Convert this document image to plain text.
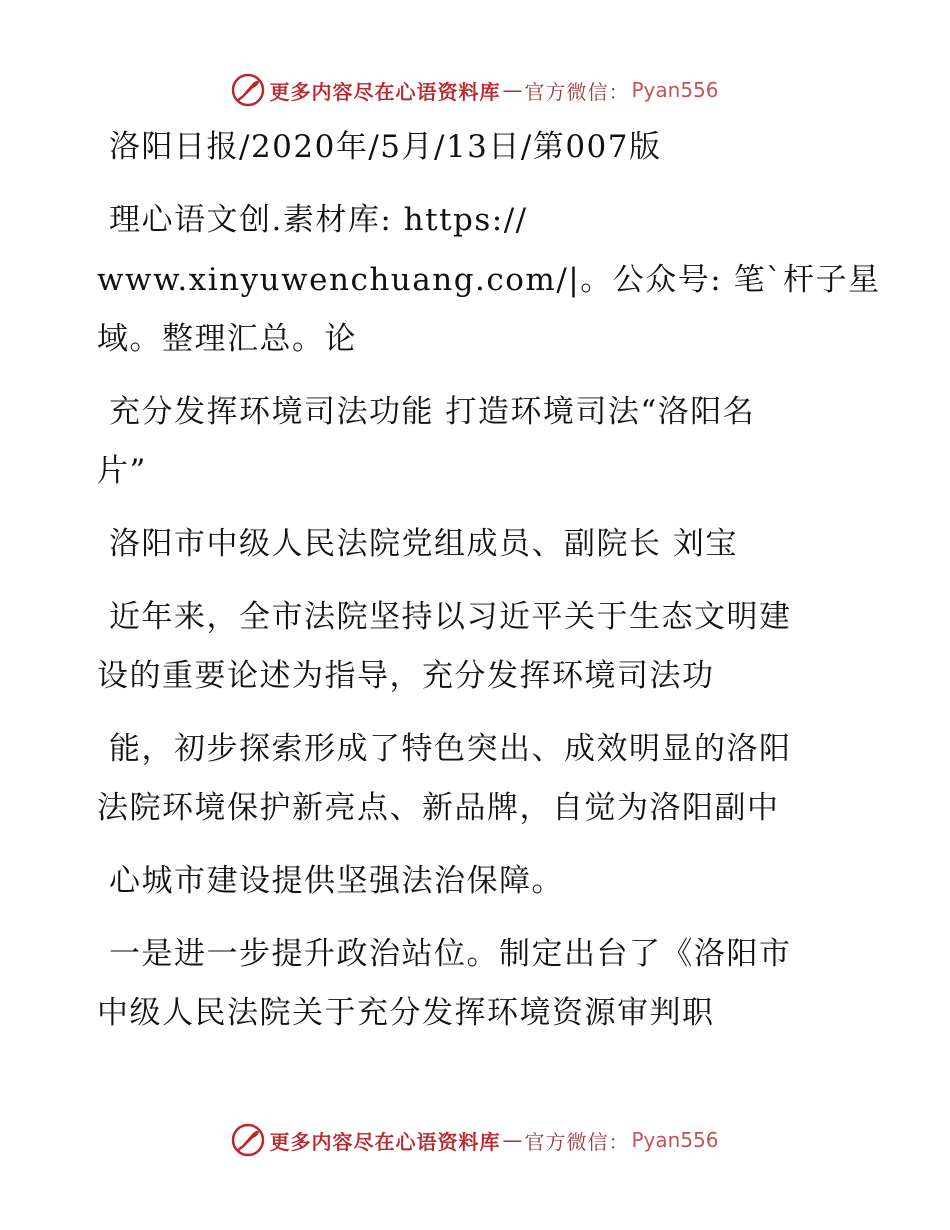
更多内容尽在心语资料库 — 官方微信： Pyan556
洛阳日报/2020年/5月/13日/第007版
理心语文创.素材库: https://
www.xinyuwenchuang.com/|。公众号: 笔`杆子星
域。整理汇总。论
充分发挥环境司法功能 打造环境司法“洛阳名
片”
洛阳市中级人民法院党组成员、副院长 刘宝
近年来，全市法院坚持以习近平关于生态文明建
设的重要论述为指导，充分发挥环境司法功
能，初步探索形成了特色突出、成效明显的洛阳
法院环境保护新亮点、新品牌，自觉为洛阳副中
心城市建设提供坚强法治保障。
一是进一步提升政治站位。制定出台了《洛阳市
中级人民法院关于充分发挥环境资源审判职
更多内容尽在心语资料库 — 官方微信： Pyan556
